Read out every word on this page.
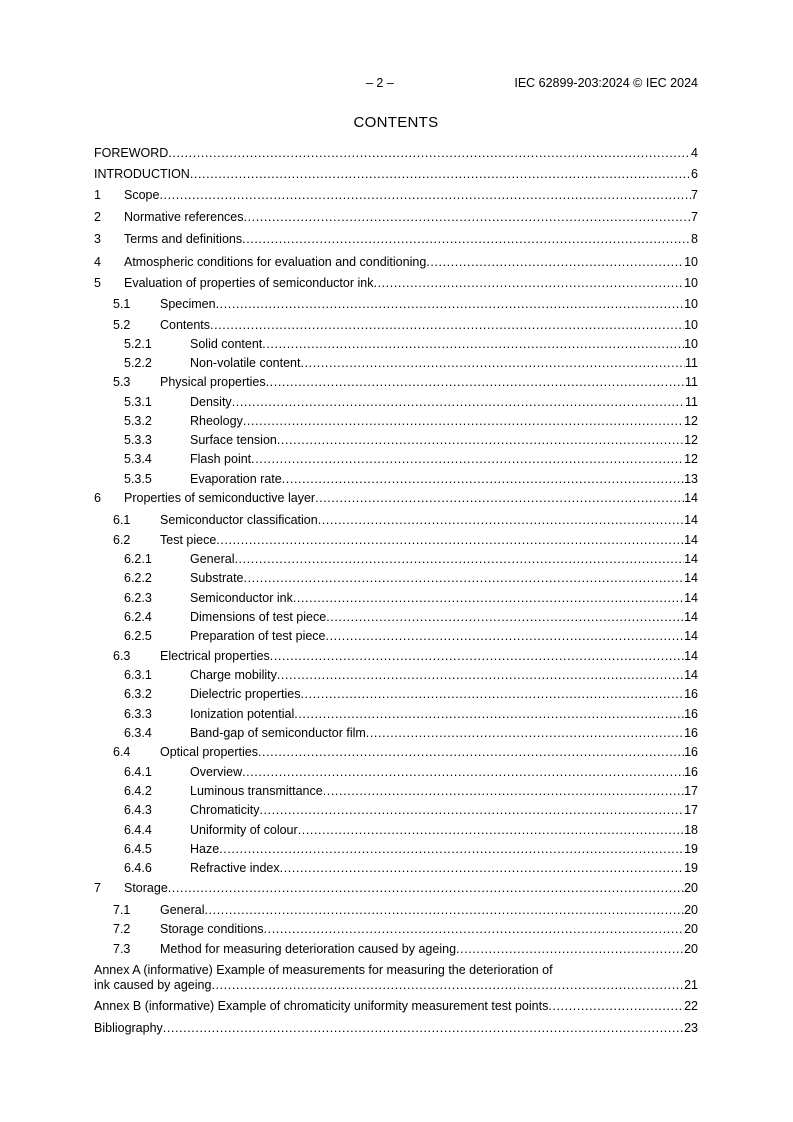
– 2 –	IEC 62899-203:2024 © IEC 2024
CONTENTS
FOREWORD .....	4
INTRODUCTION .....	6
1 Scope .....	7
2 Normative references .....	7
3 Terms and definitions .....	8
4 Atmospheric conditions for evaluation and conditioning .....	10
5 Evaluation of properties of semiconductor ink .....	10
5.1 Specimen .....	10
5.2 Contents .....	10
5.2.1	Solid content .....	10
5.2.2	Non-volatile content .....	11
5.3 Physical properties .....	11
5.3.1	Density .....	11
5.3.2	Rheology .....	12
5.3.3	Surface tension .....	12
5.3.4	Flash point .....	12
5.3.5	Evaporation rate .....	13
6 Properties of semiconductive layer .....	14
6.1 Semiconductor classification .....	14
6.2 Test piece .....	14
6.2.1	General .....	14
6.2.2	Substrate .....	14
6.2.3	Semiconductor ink .....	14
6.2.4	Dimensions of test piece .....	14
6.2.5	Preparation of test piece .....	14
6.3 Electrical properties .....	14
6.3.1	Charge mobility .....	14
6.3.2	Dielectric properties .....	16
6.3.3	Ionization potential .....	16
6.3.4	Band-gap of semiconductor film .....	16
6.4 Optical properties .....	16
6.4.1	Overview .....	16
6.4.2	Luminous transmittance .....	17
6.4.3	Chromaticity .....	17
6.4.4	Uniformity of colour .....	18
6.4.5	Haze .....	19
6.4.6	Refractive index .....	19
7 Storage .....	20
7.1 General .....	20
7.2 Storage conditions .....	20
7.3 Method for measuring deterioration caused by ageing .....	20
Annex A (informative) Example of measurements for measuring the deterioration of
ink caused by ageing .....	21
Annex B (informative) Example of chromaticity uniformity measurement test points .....	22
Bibliography .....	23
